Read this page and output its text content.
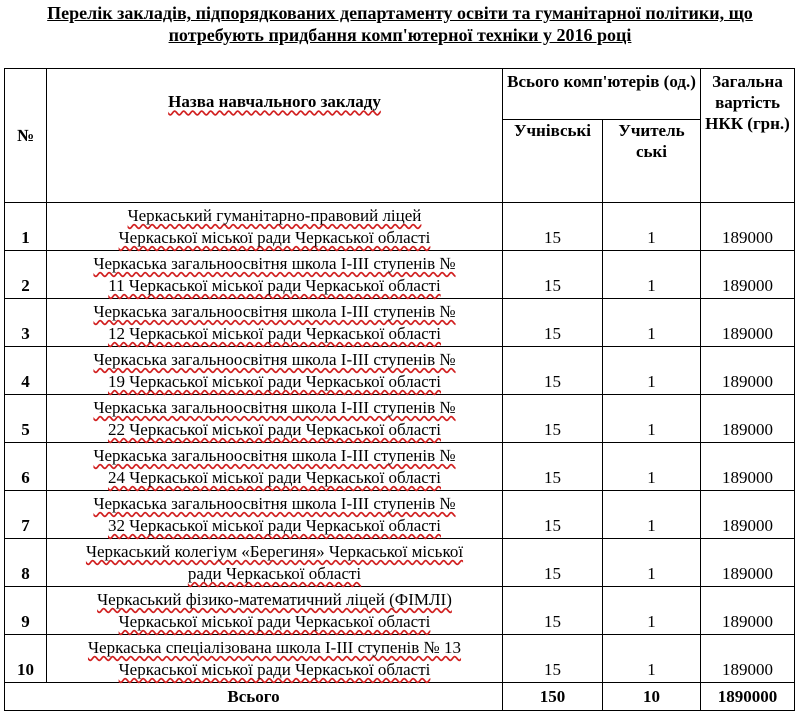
Перелік закладів, підпорядкованих департаменту освіти та гуманітарної політики, що
потребують придбання комп'ютерної техніки у 2016 році
№	Назва навчального закладу	Всього комп'ютерів (од.)		Загальна вартість НКК (грн.)
		Учнівські	Учитель ські	
1	Черкаський гуманітарно-правовий ліцей
Черкаської міської ради Черкаської області	15	1	189000
2	Черкаська загальноосвітня школа І-ІІІ ступенів №
11 Черкаської міської ради Черкаської області	15	1	189000
3	Черкаська загальноосвітня школа І-ІІІ ступенів №
12 Черкаської міської ради Черкаської області	15	1	189000
4	Черкаська загальноосвітня школа І-ІІІ ступенів №
19 Черкаської міської ради Черкаської області	15	1	189000
5	Черкаська загальноосвітня школа І-ІІІ ступенів №
22 Черкаської міської ради Черкаської області	15	1	189000
6	Черкаська загальноосвітня школа І-ІІІ ступенів №
24 Черкаської міської ради Черкаської області	15	1	189000
7	Черкаська загальноосвітня школа І-ІІІ ступенів №
32 Черкаської міської ради Черкаської області	15	1	189000
8	Черкаський колегіум «Берегиня» Черкаської міської
ради Черкаської області	15	1	189000
9	Черкаський фізико-математичний ліцей (ФІМЛІ)
Черкаської міської ради Черкаської області	15	1	189000
10	Черкаська спеціалізована школа І-ІІІ ступенів № 13
Черкаської міської ради Черкаської області	15	1	189000
Всього		150	10	1890000
